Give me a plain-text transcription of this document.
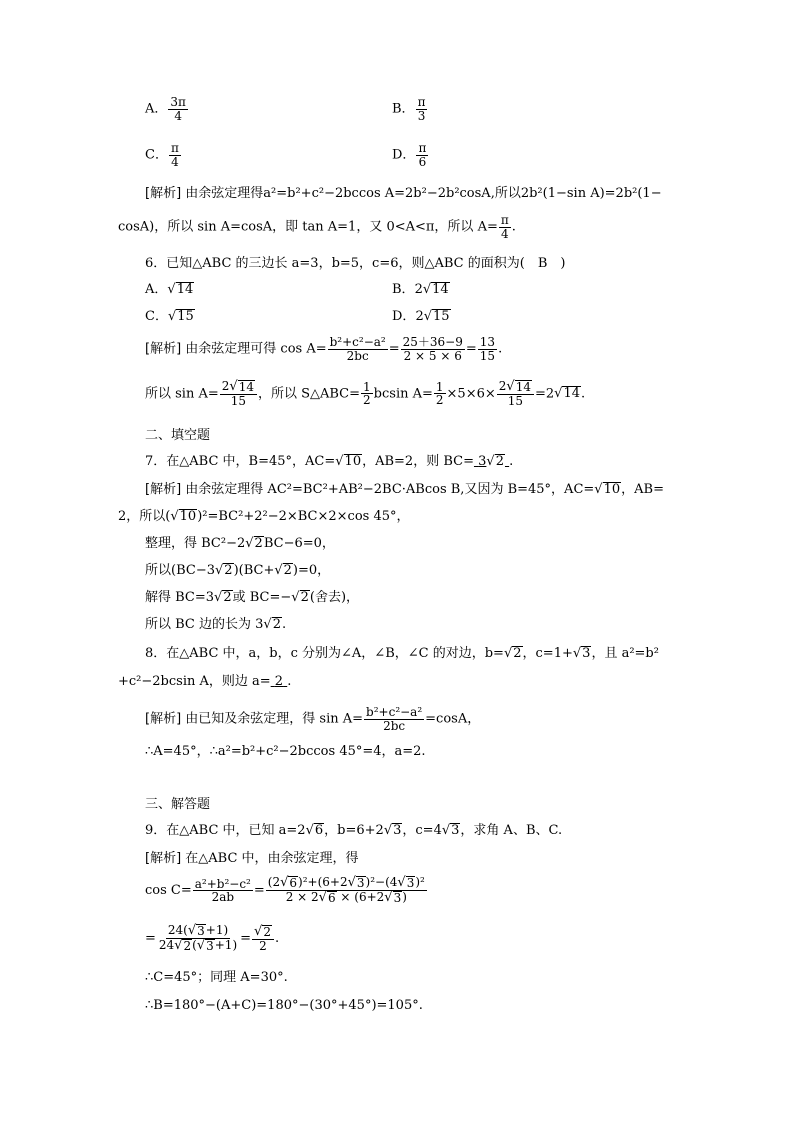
A． $\frac{3\pi}{4}$	B． $\frac{\pi}{3}$
C． $\frac{\pi}{4}$	D． $\frac{\pi}{6}$
[解析] 由余弦定理得a²=b²+c²−2bccos A=2b²−2b²cosA,所以2b²(1−sin A)=2b²(1−
cosA)，所以 sin A=cosA，即 tan A=1，又 0<A<π，所以 $A= \frac{\pi}{4}$ .
6．已知△ABC 的三边长 a=3，b=5，c=6，则△ABC 的面积为(　B　)
A． √ 14	B．2 √ 14
C． √ 15	D．2 √ 15
[解析] 由余弦定理可得 $\cos A= \frac{\text{b²+c²−a²}}{2bc} = \frac{25+36-9}{2 \times 5 \times 6} = \frac{13}{15}$ .
所以 $\sin A= \frac{2 √ 14}{15}$ ，所以 S△ABC= $\frac{1}{2}$ bcsin $A= \frac{1}{2} \times 5\times 6\times \frac{2 √ 14}{15} =2$ √ 14 .
二、填空题
7．在△ABC 中，B=45°，AC= √ 10 ，AB=2，则 BC= 3 √ 2 .
[解析] 由余弦定理得 AC²=BC²+AB²−2BC·ABcos B,又因为 B=45°，AC= √ 10 ，AB=
2，所以( √ 10 )²=BC²+2²−2×BC×2×cos 45°，
整理，得 BC²−2 √ 2 BC−6=0，
所以(BC−3 √ 2 )(BC+ √ 2 )=0，
解得 BC=3 √ 2 或 BC=− √ 2 (舍去)，
所以 BC 边的长为 3 √ 2 .
8．在△ABC 中，a，b，c 分别为∠A，∠B，∠C 的对边，b= √ 2 ，c=1+ √ 3 ，且 a²=b²
+c²−2bcsin A，则边 a= 2 .
[解析] 由已知及余弦定理，得 $\sin A= \frac{\text{b²+c²−a²}}{2bc} =\cos A$，
∴A=45°，∴a²=b²+c²−2bccos 45°=4，a=2.
三、解答题
9．在△ABC 中，已知 a=2 √ 6 ，b=6+2 √ 3 ，c=4 √ 3 ，求角 A、B、C.
[解析] 在△ABC 中，由余弦定理，得
$\cos C= \frac{\text{a²+b²−c²}}{2ab} = \frac{\text{(2 √ 6 )²+(6+2 √ 3 )²−(4 √ 3 )²}}{2 \times 2 √ 6 \times (6+2 √ 3 )}$
= $\frac{24( √ 3 +1)}{24 √ 2 ( √ 3 +1)} = \frac{√ 2}{2}$ .
∴C=45°；同理 A=30°.
∴B=180°−(A+C)=180°−(30°+45°)=105°.
